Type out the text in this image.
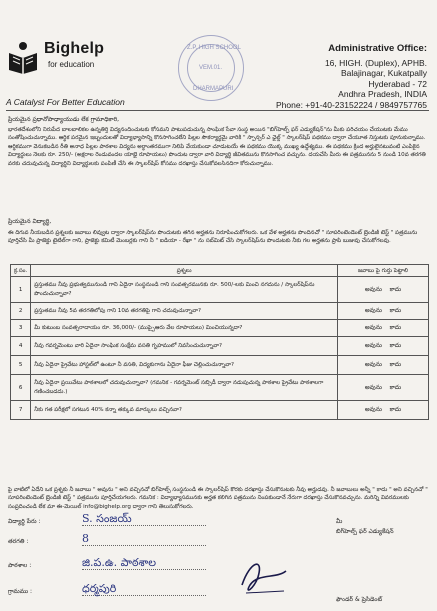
Bighelp
for education
A Catalyst For Better Education
Z.P. HIGH SCHOOL
VEM.01.
DHARMAPURI
Administrative Office:
16, HIGH. (Duplex), APHB.
Balajinagar, Kukatpally
Hyderabad - 72
Andhra Pradesh, INDIA
Phone: +91-40-23152224 / 9849757765
ప్రియమైన ప్రధానోపాధ్యాయుడు లేక గ్రామాధికారి,
భారతదేశంలోని నిరుపేద బాలబాలికల ఉన్నతిర్తి విద్యనందించుటకు కోసమని పాటుపడుచున్న సాంఘిక సేవా సంస్థ అయిన "బిగ్‌హెల్ప్ ఫర్ ఎడ్యుకేషన్"ను మీకు పరిచయం చేయుటకు మేము సంతోషించుచున్నాము. ఆర్థిక పరమైన ఇబ్బందులతో విద్యాభ్యాసాన్ని కొనసాగించలేని పిల్లల సౌకర్యార్థమై వారికి " స్పాన్సర్ ఎ ఛైల్డ్ " స్కాలర్‌షిప్ పథకము ద్వారా చేయూత నిస్తుటకు పూనుకున్నాము. ఆర్థికముగా వెనుకబడిన రీతి అనాధ పిల్లల పాఠశాల విద్యను అర్ధాంతరముగా నిలిపి వేయకుండా చూడుటయే ఈ పథకము యొక్క ముఖ్య ఉద్దేశ్యము. ఈ పథకము క్రింద అర్హులైనటువంటి ఎంపికైన విద్యార్థులు నెలకు రూ. 250/- (అక్షరాల రెండువందల యాభై రూపాయలు) పొందుట ద్వారా వారి విద్యార్థి జీవితమును కొనసాగించ వచ్చును. దయచేసి మీరు ఈ పత్రమునను 5 నుండి 10వ తరగతి వరకు చదువుచున్న విద్యార్థిని విద్యార్థులకు పంపిణీ చేసి ఈ స్కాలర్‌షిప్ కోసము దరఖాస్తు చేసుకోవలసినదిగా కోరుచున్నాము.
ప్రియమైన విద్యార్థి,
ఈ దిగువ నీయబడిన ప్రశ్నలకు జవాబు లివ్వుట ద్వారా స్కాలర్‌షిప్‌ను పొందుటకు తగిన అర్హతను నిరూపించుకోగలరు. ఒక వేళ అర్హతను పొందినచో " సూపరింటెండెంట్ బ్రెండిజీ టెస్ట్ " పత్రమును పూర్తిచేసి మీ ప్రాజెక్టు టైటిల్‌గా గాని, ప్రాజెక్టు కమిటీ మెంబర్లకు గాని నీ " ఐడియా - రేఖా " ను సబ్‌మిట్ చేసి స్కాలర్‌షిప్‌ను పొందుటకు నీకు గల అర్హతను ప్రాపి బుజువు చేసుకోగలవు.
క్ర.సం.	ప్రశ్నలు	జవాబు పై గుర్తు పెట్టాలి
1	ప్రస్తుతము నీవు ప్రభుత్వమునుండి గాని ఏదైనా సంస్థనుండి గాని సంవత్సరమునకు రూ. 500/-లకు మించి నగదును / స్కాలర్‌షిప్‌ను పొందుచున్నావా?	అవును కాదు
2	ప్రస్తుతము నీవు 5వ తరగతిలోపు గాని 10వ తరగతిపై గాని చదువుచున్నావా?	అవును కాదు
3	మీ కుటుంబ సంవత్సరాదాయం రూ. 36,000/- (ముప్పైఆరు వేల రూపాయలు) మించియున్నదా?	అవును కాదు
4	నీవు గవర్నమెంటు వారి ఏదైనా సాంఘిక సంక్షేమ వసతి గృహములో నివసించుచున్నావా?	అవును కాదు
5	నీవు ఏదైనా ప్రైవేటు హాస్టల్‌లో ఉంటూ నీ వసతి, విద్యకుగాను ఏదైనా ఫీజు చెల్లించుచున్నావా?	అవును కాదు
6	నీవు ఏదైనా ప్రయివేటు పాఠశాలలో చదువుచున్నావా? (గమనిక - గవర్నమెంట్ సబ్సిడీ ద్వారా నడుపుచున్న పాఠశాల ప్రైవేటు పాఠశాలగా గణించబడదు.)	అవును కాదు
7	నీకు గత పరీక్షలో సగటున 40% కన్నా తక్కువ మార్కులు వచ్చినవా?	అవును కాదు
పై వాటిలో ఏదేని ఒక ప్రశ్నకు నీ జవాబు " అవును " అని వచ్చినచో బిగ్‌హెల్ప్ సంస్థనుండి ఈ స్కాలర్‌షిప్ కొరకు దరఖాస్తు చేసుకొనుటకు నీవు అర్హుడవు. నీ జవాబులు అన్నీ " కాదు " అని వచ్చినచో " సూపరింటెండెంట్ బ్రెండిజీ టెస్ట్ " పత్రమును పూర్తిచేయగలరు. గమనిక : విద్యాభ్యాసమునకు అర్హత కలిగిన పత్రమును నింపకుండానే నేరుగా దరఖాస్తు చేసుకొనవచ్చును. మరిన్ని వివరములకు సంప్రదించండి లేక మా ఈ-మెయిల్ info@bighelp.org ద్వారా గాని తెలుసుకోగలరు.
విద్యార్థి పేరు :	S. సంజయ్
తరగతి :	8
పాఠశాల :	జి.ప.ఉ. పాఠశాల
గ్రామము :	ధర్మపురి
మీ
బిగ్‌హెల్ప్ ఫర్ ఎడ్యుకేషన్
ఫౌండర్ & ప్రెసిడెంట్
